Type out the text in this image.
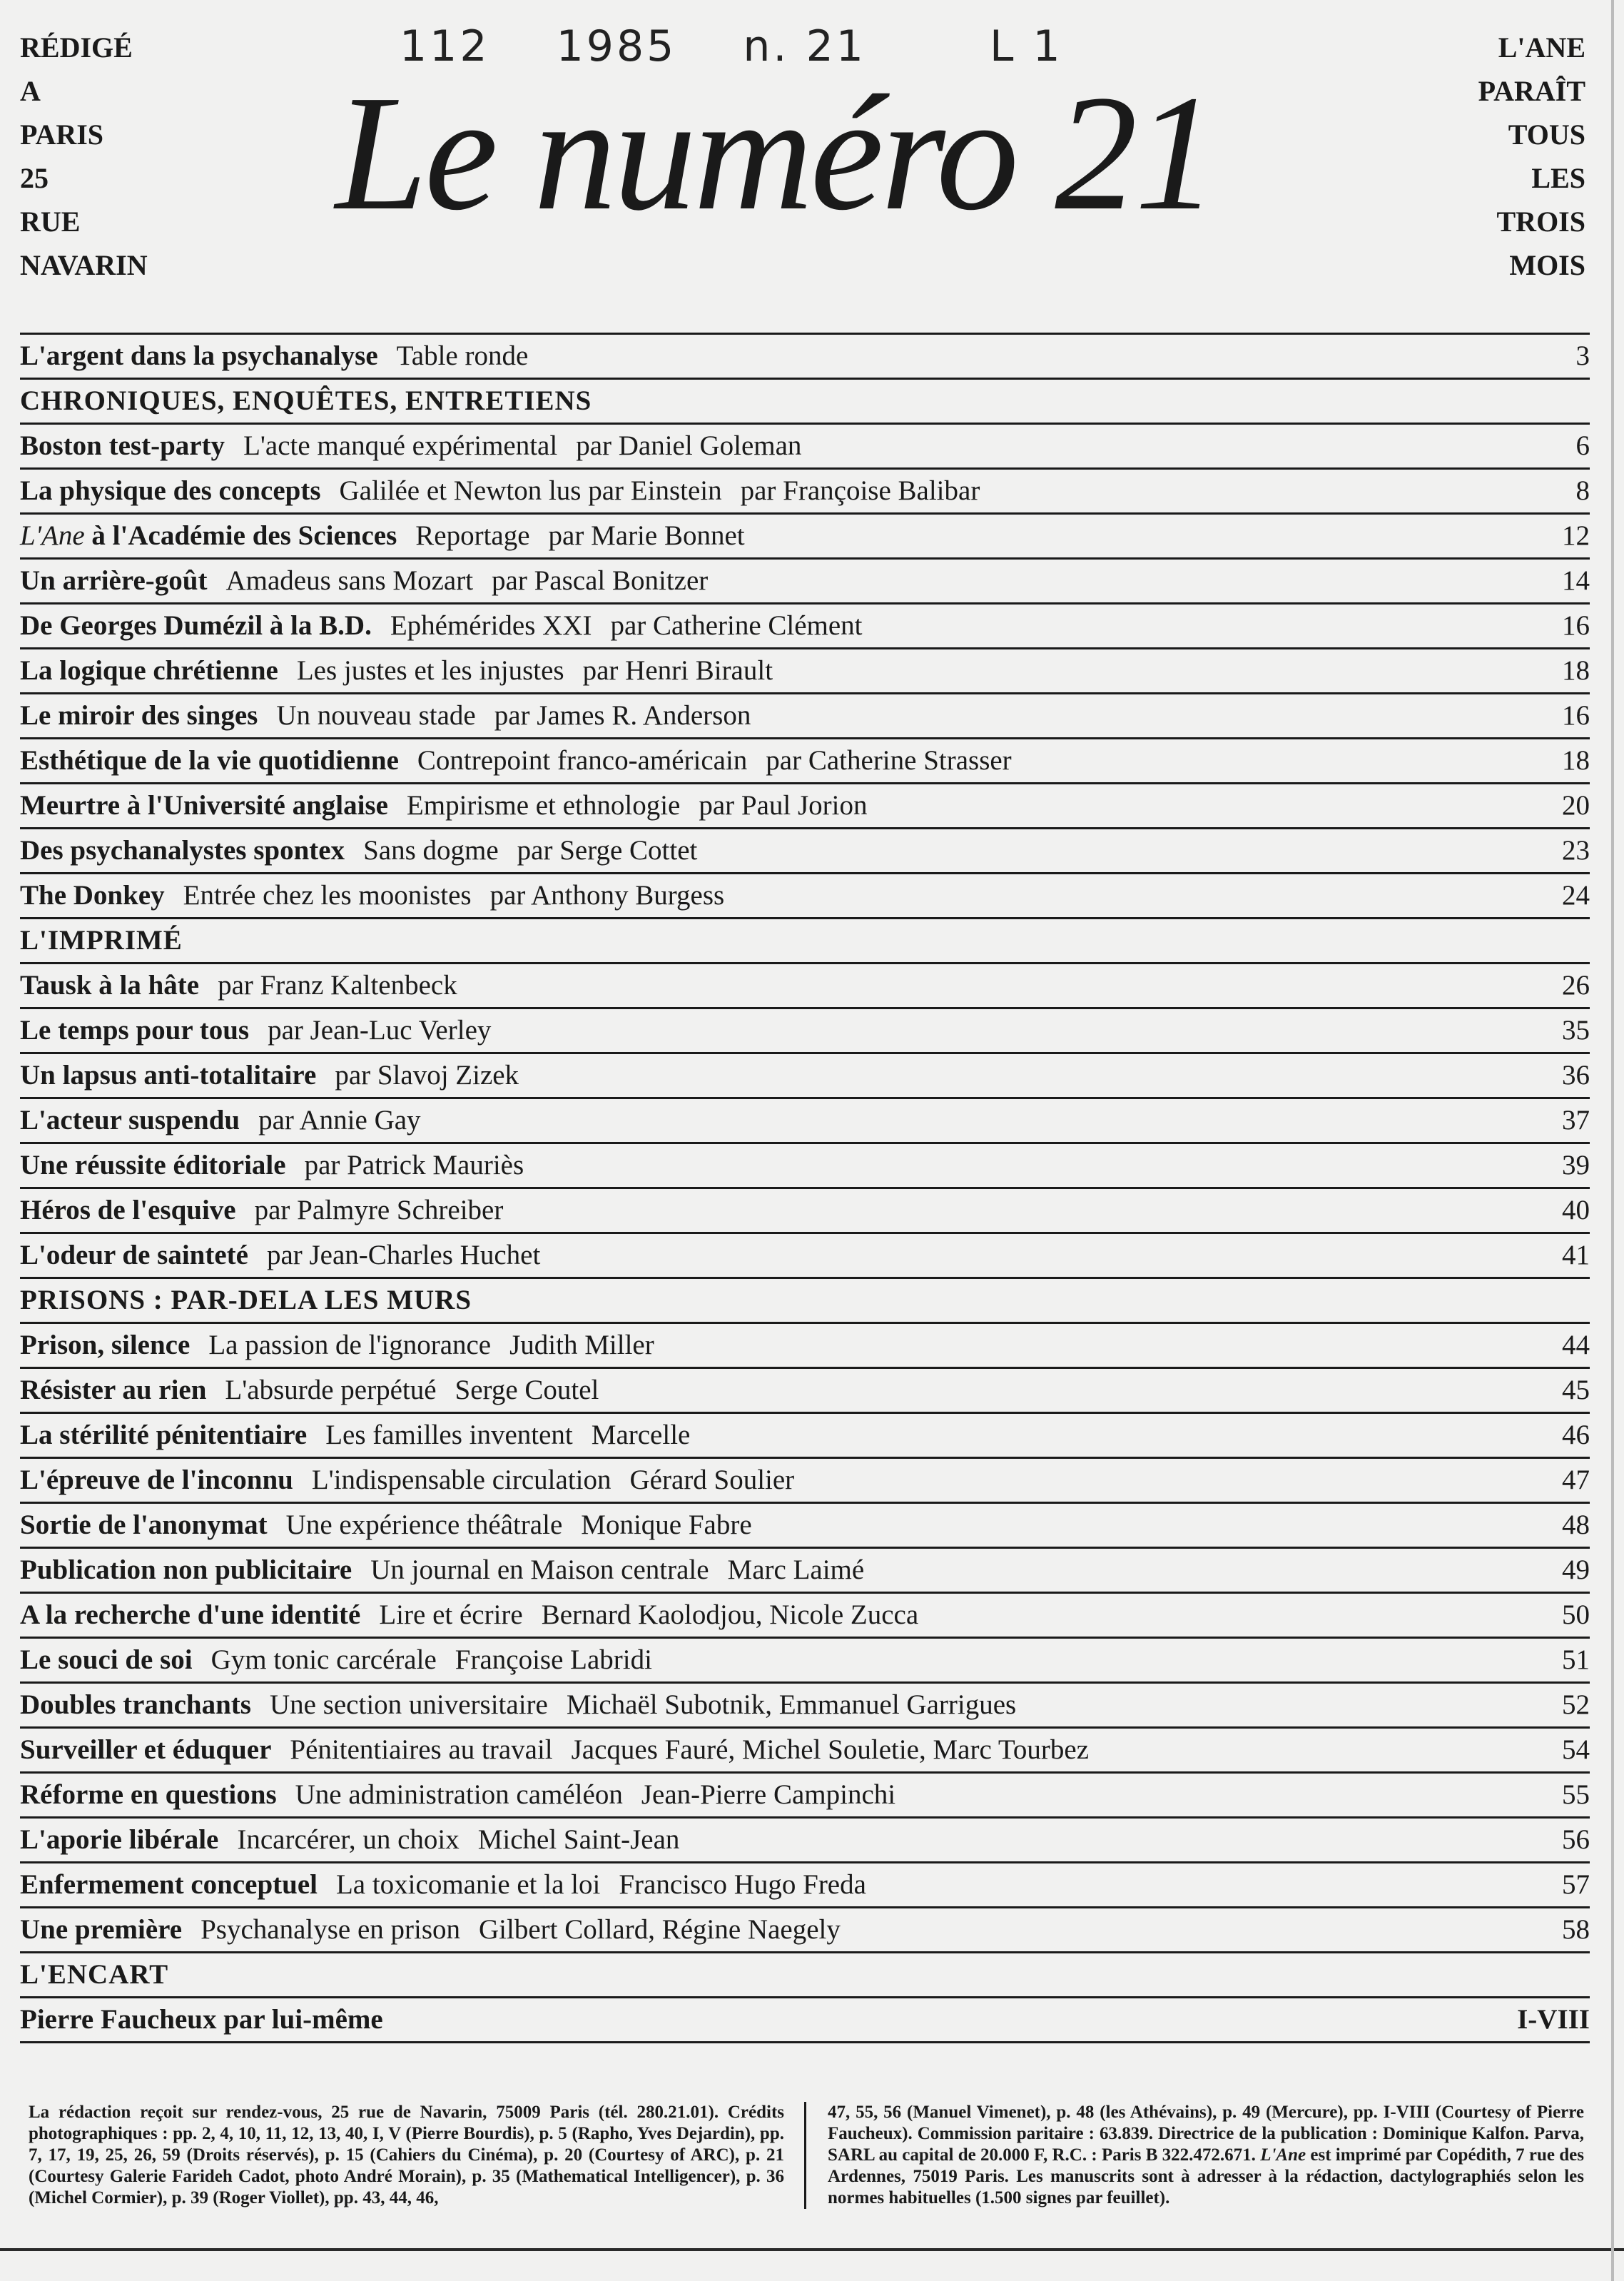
RÉDIGÉ
A
PARIS
25
RUE
NAVARIN
L'ANE
PARAÎT
TOUS
LES
TROIS
MOIS
112 1985 n. 21	L 1
Le numéro 21
L'argent dans la psychanalyse Table ronde	3
CHRONIQUES, ENQUÊTES, ENTRETIENS
Boston test-party L'acte manqué expérimental par Daniel Goleman	6
La physique des concepts Galilée et Newton lus par Einstein par Françoise Balibar	8
L'Ane à l'Académie des Sciences Reportage par Marie Bonnet	12
Un arrière-goût Amadeus sans Mozart par Pascal Bonitzer	14
De Georges Dumézil à la B.D. Ephémérides XXI par Catherine Clément	16
La logique chrétienne Les justes et les injustes par Henri Birault	18
Le miroir des singes Un nouveau stade par James R. Anderson	16
Esthétique de la vie quotidienne Contrepoint franco-américain par Catherine Strasser	18
Meurtre à l'Université anglaise Empirisme et ethnologie par Paul Jorion	20
Des psychanalystes spontex Sans dogme par Serge Cottet	23
The Donkey Entrée chez les moonistes par Anthony Burgess	24
L'IMPRIMÉ
Tausk à la hâte par Franz Kaltenbeck	26
Le temps pour tous par Jean-Luc Verley	35
Un lapsus anti-totalitaire par Slavoj Zizek	36
L'acteur suspendu par Annie Gay	37
Une réussite éditoriale par Patrick Mauriès	39
Héros de l'esquive par Palmyre Schreiber	40
L'odeur de sainteté par Jean-Charles Huchet	41
PRISONS : PAR-DELA LES MURS
Prison, silence La passion de l'ignorance Judith Miller	44
Résister au rien L'absurde perpétué Serge Coutel	45
La stérilité pénitentiaire Les familles inventent Marcelle	46
L'épreuve de l'inconnu L'indispensable circulation Gérard Soulier	47
Sortie de l'anonymat Une expérience théâtrale Monique Fabre	48
Publication non publicitaire Un journal en Maison centrale Marc Laimé	49
A la recherche d'une identité Lire et écrire Bernard Kaolodjou, Nicole Zucca	50
Le souci de soi Gym tonic carcérale Françoise Labridi	51
Doubles tranchants Une section universitaire Michaël Subotnik, Emmanuel Garrigues	52
Surveiller et éduquer Pénitentiaires au travail Jacques Fauré, Michel Souletie, Marc Tourbez	54
Réforme en questions Une administration caméléon Jean-Pierre Campinchi	55
L'aporie libérale Incarcérer, un choix Michel Saint-Jean	56
Enfermement conceptuel La toxicomanie et la loi Francisco Hugo Freda	57
Une première Psychanalyse en prison Gilbert Collard, Régine Naegely	58
L'ENCART
Pierre Faucheux par lui-même	I-VIII
La rédaction reçoit sur rendez-vous, 25 rue de Navarin, 75009 Paris (tél. 280.21.01). Crédits photographiques : pp. 2, 4, 10, 11, 12, 13, 40, I, V (Pierre Bourdis), p. 5 (Rapho, Yves Dejardin), pp. 7, 17, 19, 25, 26, 59 (Droits réservés), p. 15 (Cahiers du Cinéma), p. 20 (Courtesy of ARC), p. 21 (Courtesy Galerie Farideh Cadot, photo André Morain), p. 35 (Mathematical Intelligencer), p. 36 (Michel Cormier), p. 39 (Roger Viollet), pp. 43, 44, 46,
47, 55, 56 (Manuel Vimenet), p. 48 (les Athévains), p. 49 (Mercure), pp. I-VIII (Courtesy of Pierre Faucheux). Commission paritaire : 63.839. Directrice de la publication : Dominique Kalfon. Parva, SARL au capital de 20.000 F, R.C. : Paris B 322.472.671. L'Ane est imprimé par Copédith, 7 rue des Ardennes, 75019 Paris. Les manuscrits sont à adresser à la rédaction, dactylographiés selon les normes habituelles (1.500 signes par feuillet).
